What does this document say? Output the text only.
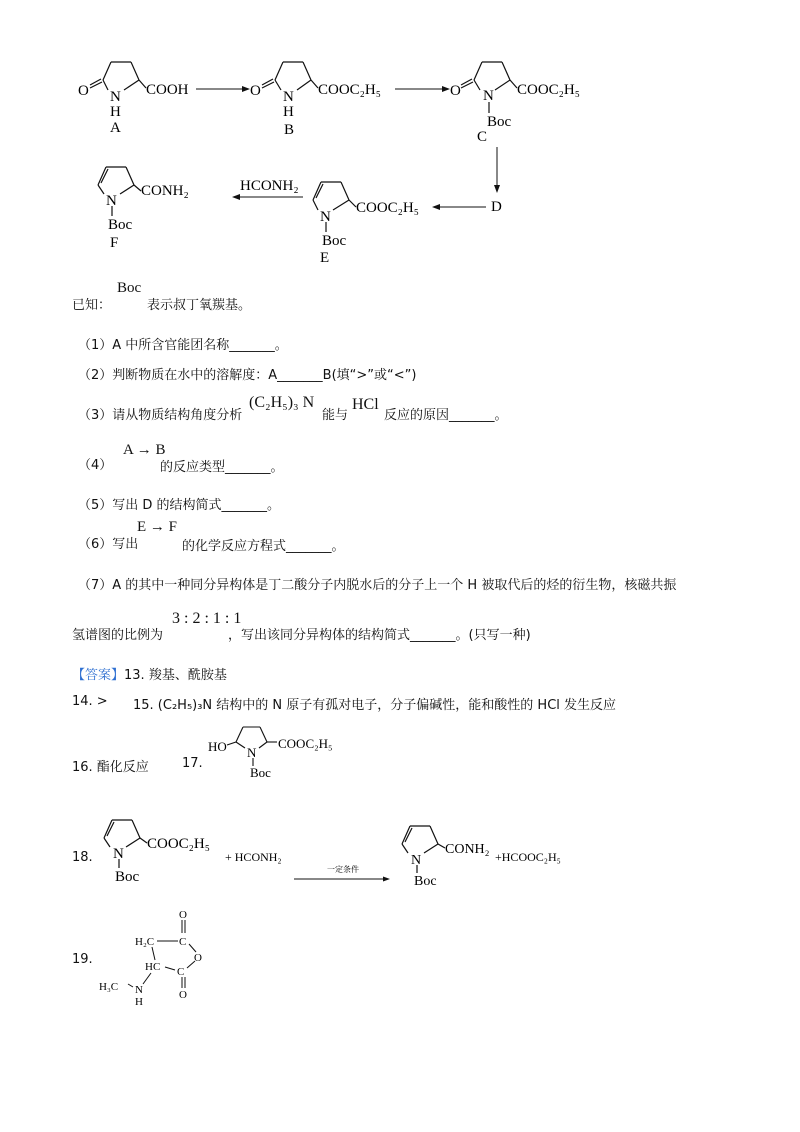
O N
H
COOH
A
O N
H
COOC₂H₅
B
O N
Boc
COOC₂H₅
C
D
N
COOC₂H₅
Boc
E
HCONH₂
N
CONH₂
Boc
F
已知：
Boc
表示叔丁氧羰基。
（1）A 中所含官能团名称_______。
（2）判断物质在水中的溶解度：A_______B(填“>”或“<”)
（3）请从物质结构角度分析
(C₂H₅)₃ N
能与
HCl
反应的原因_______。
（4）
A → B
的反应类型_______。
（5）写出 D 的结构简式_______。
（6）写出
E → F
的化学反应方程式_______。
（7）A 的其中一种同分异构体是丁二酸分子内脱水后的分子上一个 H 被取代后的烃的衍生物，核磁共振
氢谱图的比例为
3 : 2 : 1 : 1
，写出该同分异构体的结构简式_______。(只写一种)
【答案】13. 羧基、酰胺基
14. > 15. (C₂H₅)₃N 结构中的 N 原子有孤对电子，分子偏碱性，能和酸性的 HCl 发生反应
16. 酯化反应	17.
HO N
COOC₂H₅
Boc
18. N
COOC₂H₅
Boc
+ HCONH₂
一定条件
N
CONH₂
Boc
+HCOOC₂H₅
19.
O
H₂C C
O
HC C
O
H₃C N
H
